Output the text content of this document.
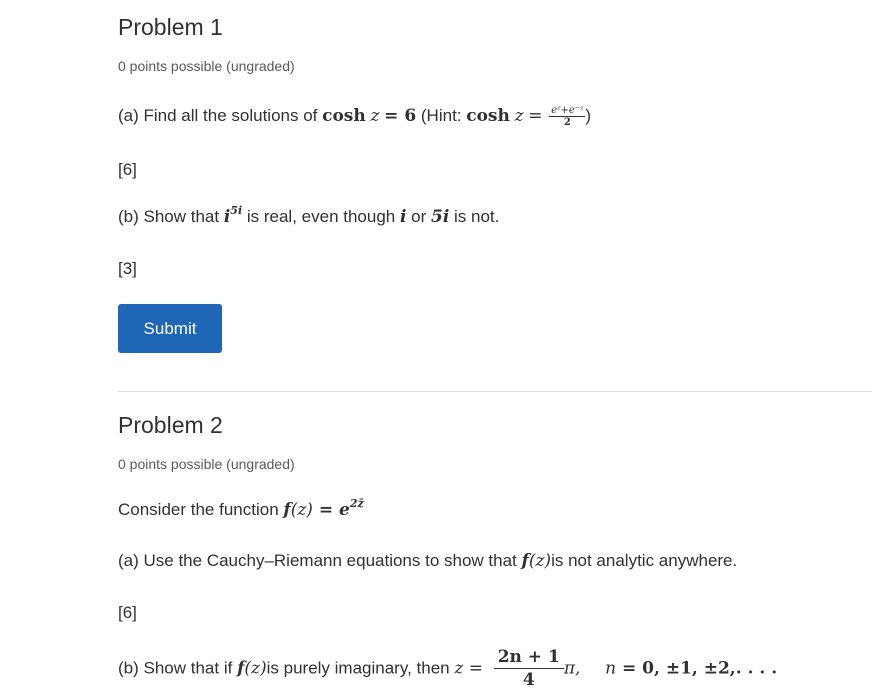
Problem 1
0 points possible (ungraded)
(a) Find all the solutions of cosh z = 6 (Hint: $\cosh z = \frac{\text{eᶻ+e⁻ᶻ}}{2}$ )
[6]
(b) Show that $i^{5i}$ is real, even though i or 5i is not.
[3]
Submit
Problem 2
0 points possible (ungraded)
Consider the function $f(z) = e^{2z̄}$
(a) Use the Cauchy–Riemann equations to show that f(z)is not analytic anywhere.
[6]
(b) Show that if f(z)is purely imaginary, then $z = \frac{2n + 1}{4} \pi$, n = 0, ±1, ±2,. . . .
